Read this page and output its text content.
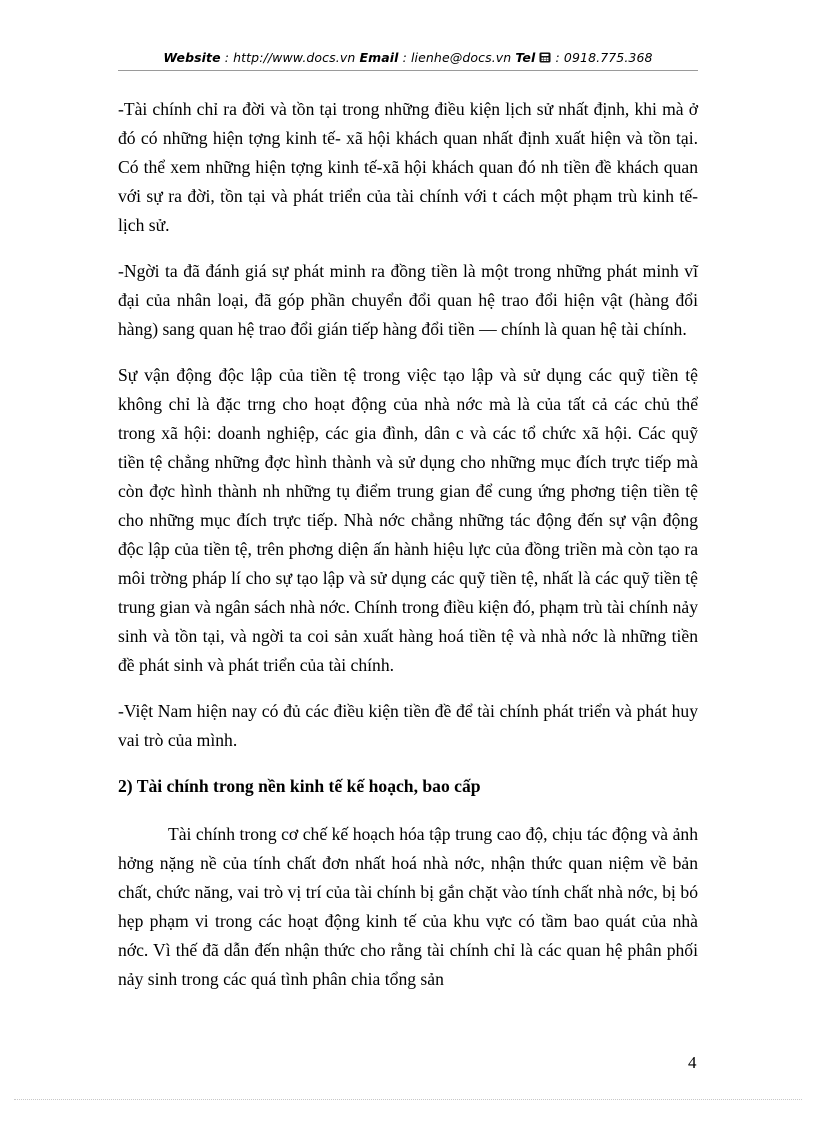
Website : http://www.docs.vn Email : lienhe@docs.vn Tel  : 0918.775.368

-Tài chính chỉ ra đời và tồn tại trong những điều kiện lịch sử nhất định, khi mà ở đó có những hiện tợng kinh tế- xã hội khách quan nhất định xuất hiện và tồn tại. Có thể xem những hiện tợng kinh tế-xã hội khách quan đó nh tiền đề khách quan với sự ra đời, tồn tại và phát triển của tài chính với t cách một phạm trù kinh tế- lịch sử.

-Ngời ta đã đánh giá sự phát minh ra đồng tiền là một trong những phát minh vĩ đại của nhân loại, đã góp phần chuyển đổi quan hệ trao đổi hiện vật (hàng đổi hàng) sang quan hệ trao đổi gián tiếp hàng đổi tiền — chính là quan hệ tài chính.

Sự vận động độc lập của tiền tệ trong việc tạo lập và sử dụng các quỹ tiền tệ không chỉ là đặc trng cho hoạt động của nhà nớc mà là của tất cả các chủ thể trong xã hội: doanh nghiệp, các gia đình, dân c và các tổ chức xã hội. Các quỹ tiền tệ chẳng những đợc hình thành và sử dụng cho những mục đích trực tiếp mà còn đợc hình thành nh những tụ điểm trung gian để cung ứng phơng tiện tiền tệ cho những mục đích trực tiếp. Nhà nớc chẳng những tác động đến sự vận động độc lập của tiền tệ, trên phơng diện ấn hành hiệu lực của đồng triền mà còn tạo ra môi trờng pháp lí cho sự tạo lập và sử dụng các quỹ tiền tệ, nhất là các quỹ tiền tệ trung gian và ngân sách nhà nớc. Chính trong điều kiện đó, phạm trù tài chính nảy sinh và tồn tại, và ngời ta coi sản xuất hàng hoá tiền tệ và nhà nớc là những tiền đề phát sinh và phát triển của tài chính.

-Việt Nam hiện nay có đủ các điều kiện tiền đề để tài chính phát triển và phát huy vai trò của mình.

2) Tài chính trong nền kinh tế kế hoạch, bao cấp

Tài chính trong cơ chế kế hoạch hóa tập trung cao độ, chịu tác động và ảnh hởng nặng nề của tính chất đơn nhất hoá nhà nớc, nhận thức quan niệm về bản chất, chức năng, vai trò vị trí của tài chính bị gắn chặt vào tính chất nhà nớc, bị bó hẹp phạm vi trong các hoạt động kinh tế của khu vực có tầm bao quát của nhà nớc. Vì thế đã dẫn đến nhận thức cho rằng tài chính chỉ là các quan hệ phân phối nảy sinh trong các quá tình phân chia tổng sản

4
